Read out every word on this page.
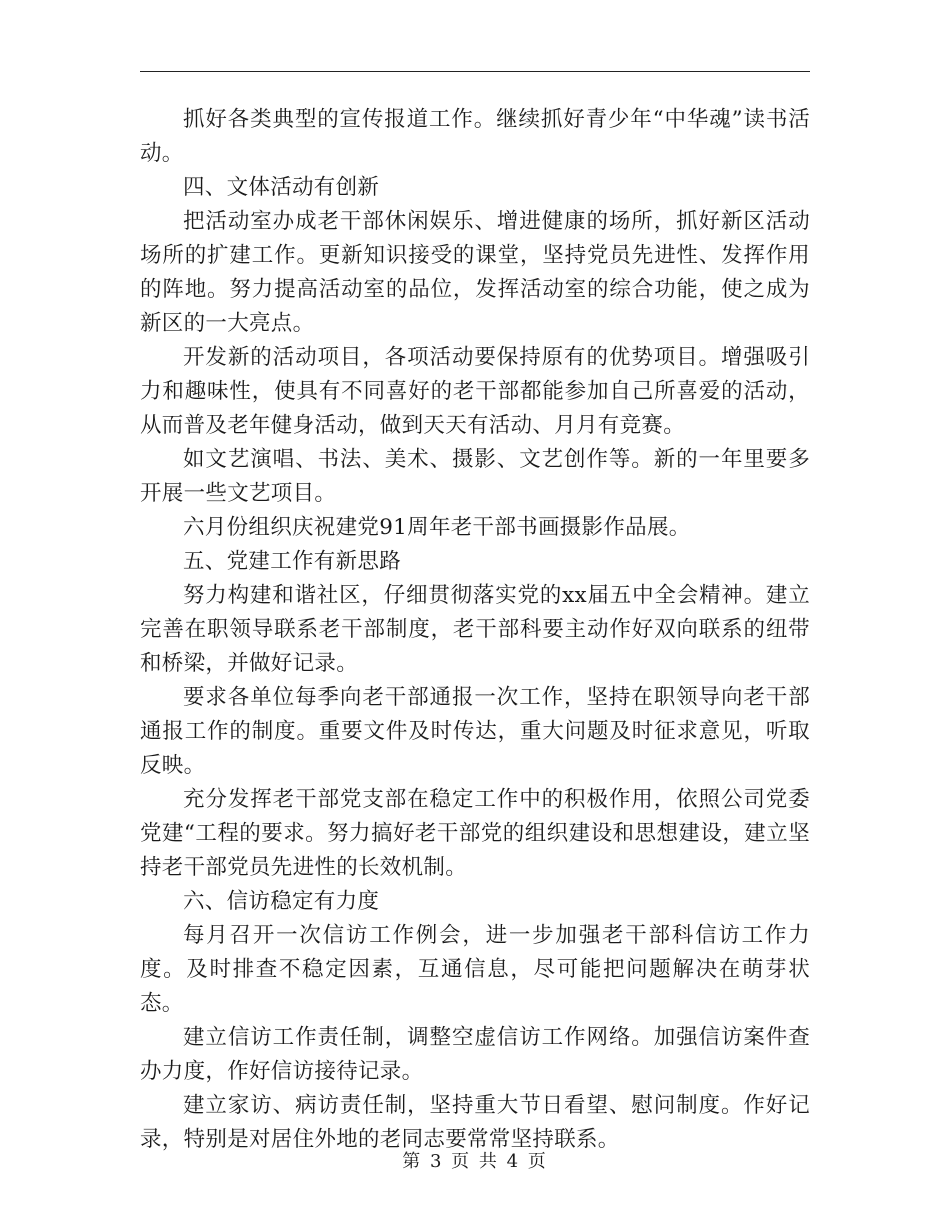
抓好各类典型的宣传报道工作。继续抓好青少年“中华魂”读书活动。

四、文体活动有创新

把活动室办成老干部休闲娱乐、增进健康的场所，抓好新区活动场所的扩建工作。更新知识接受的课堂，坚持党员先进性、发挥作用的阵地。努力提高活动室的品位，发挥活动室的综合功能，使之成为新区的一大亮点。

开发新的活动项目，各项活动要保持原有的优势项目。增强吸引力和趣味性，使具有不同喜好的老干部都能参加自己所喜爱的活动，从而普及老年健身活动，做到天天有活动、月月有竞赛。

如文艺演唱、书法、美术、摄影、文艺创作等。新的一年里要多开展一些文艺项目。

六月份组织庆祝建党91周年老干部书画摄影作品展。

五、党建工作有新思路

努力构建和谐社区，仔细贯彻落实党的xx届五中全会精神。建立完善在职领导联系老干部制度，老干部科要主动作好双向联系的纽带和桥梁，并做好记录。

要求各单位每季向老干部通报一次工作，坚持在职领导向老干部通报工作的制度。重要文件及时传达，重大问题及时征求意见，听取反映。

充分发挥老干部党支部在稳定工作中的积极作用，依照公司党委党建“工程的要求。努力搞好老干部党的组织建设和思想建设，建立坚持老干部党员先进性的长效机制。

六、信访稳定有力度

每月召开一次信访工作例会，进一步加强老干部科信访工作力度。及时排查不稳定因素，互通信息，尽可能把问题解决在萌芽状态。

建立信访工作责任制，调整空虚信访工作网络。加强信访案件查办力度，作好信访接待记录。

建立家访、病访责任制，坚持重大节日看望、慰问制度。作好记录，特别是对居住外地的老同志要常常坚持联系。

第 3 页 共 4 页
